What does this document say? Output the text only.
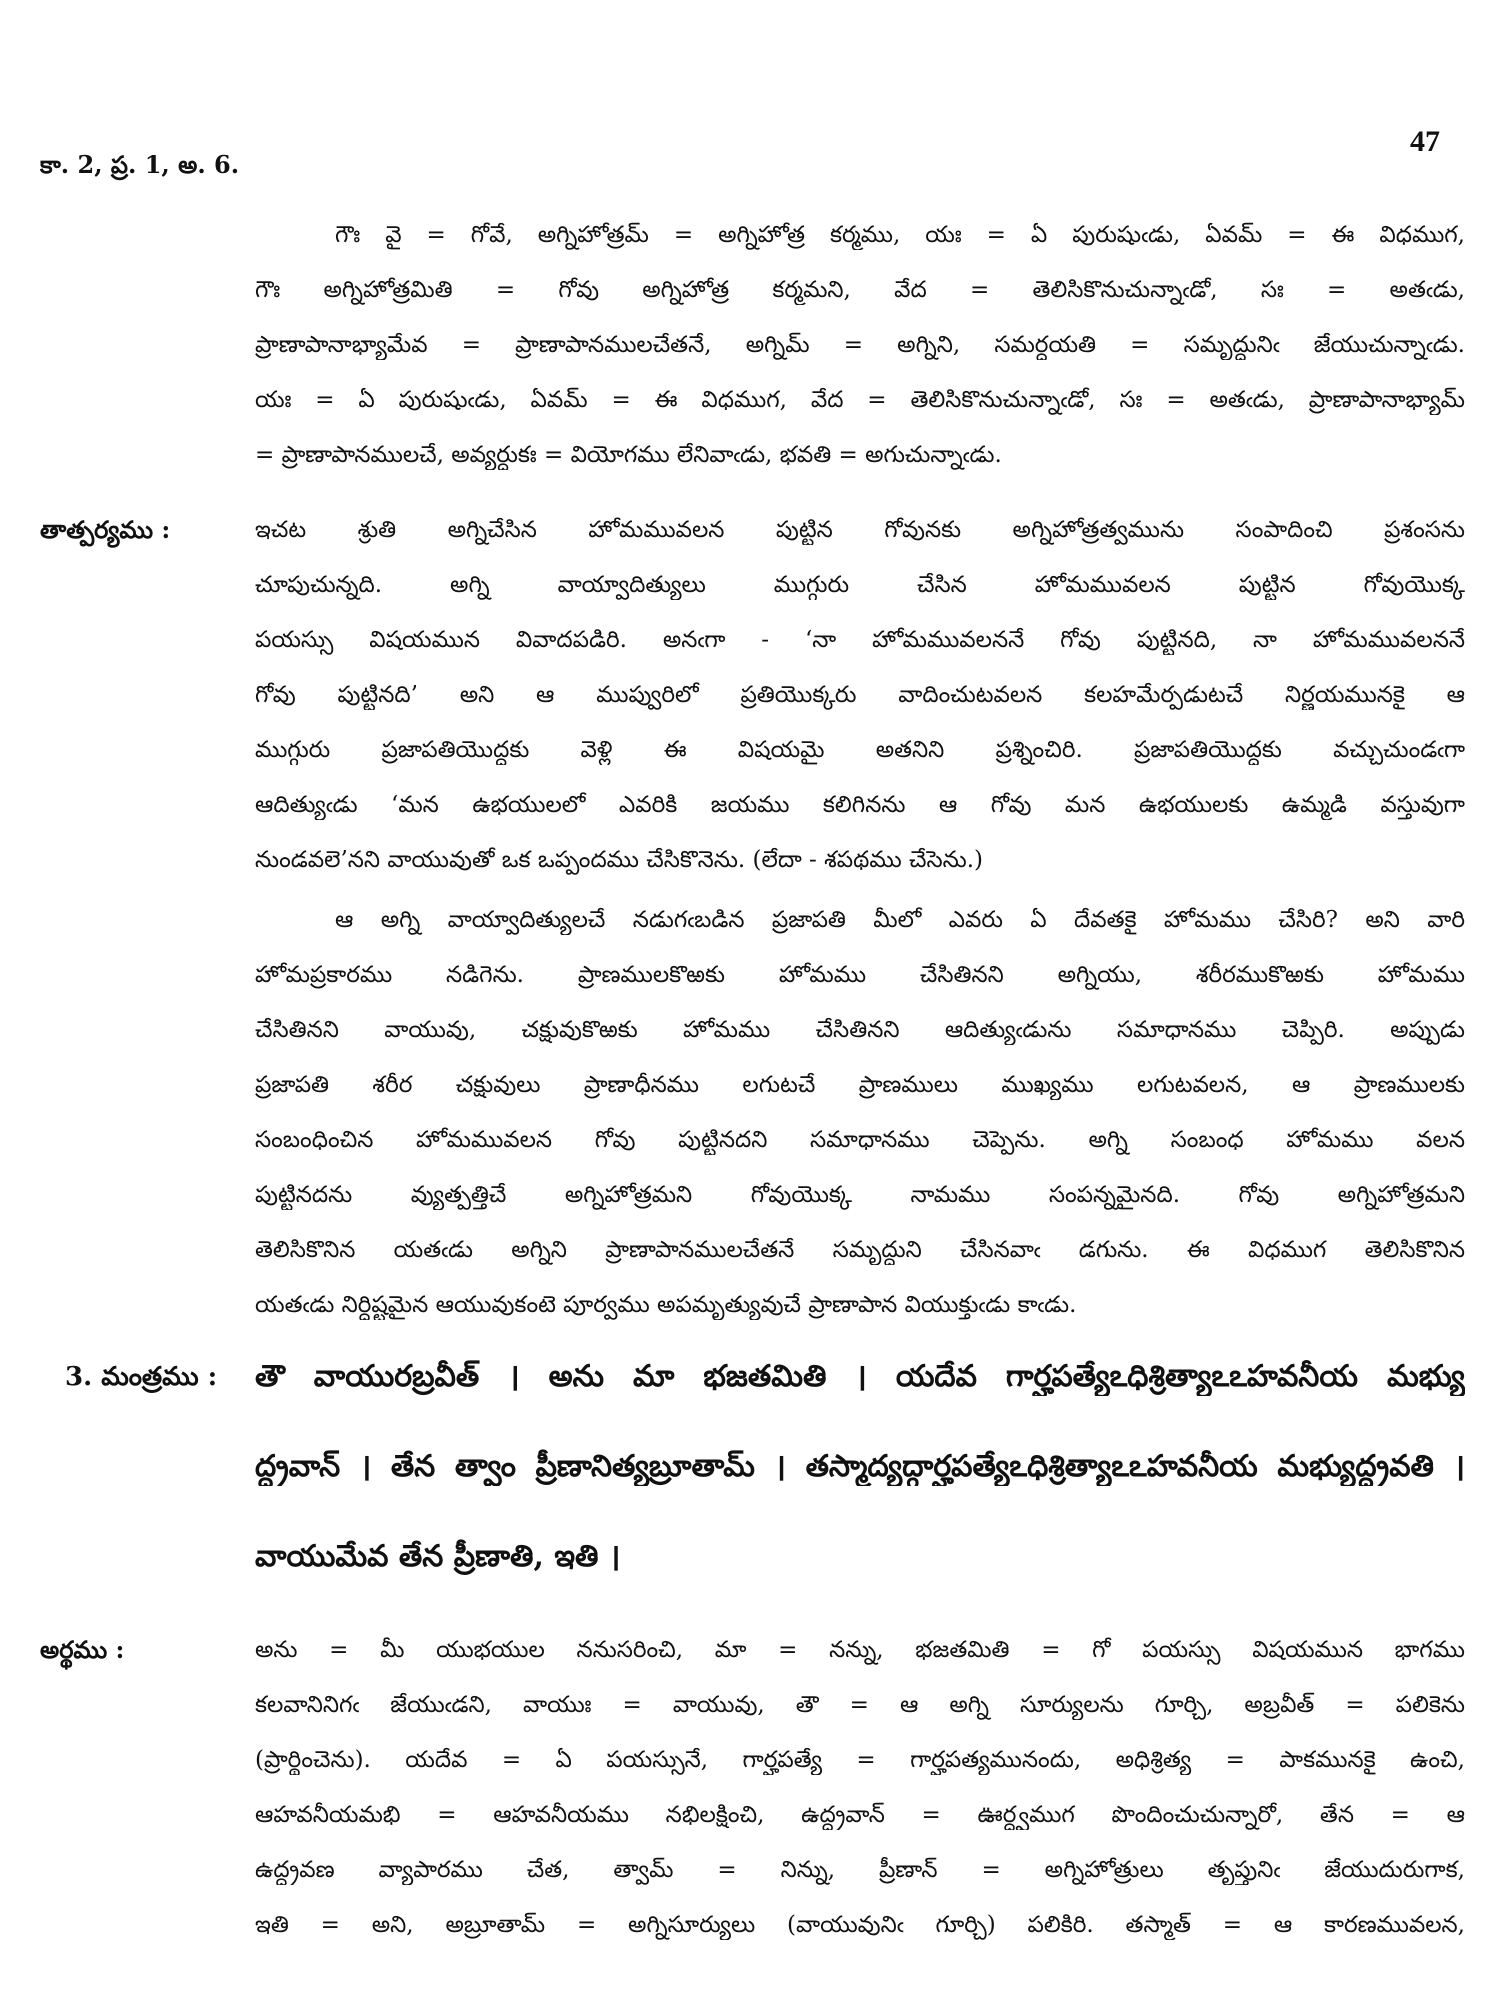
47
కా. 2, ప్ర. 1, అ. 6.
గౌః వై = గోవే, అగ్నిహోత్రమ్ = అగ్నిహోత్ర కర్మము, యః = ఏ పురుషుఁడు, ఏవమ్ = ఈ విధముగ,
గౌః అగ్నిహోత్రమితి = గోవు అగ్నిహోత్ర కర్మమని, వేద = తెలిసికొనుచున్నాఁడో, సః = అతఁడు,
ప్రాణాపానాభ్యామేవ = ప్రాణాపానములచేతనే, అగ్నిమ్ = అగ్నిని, సమర్ధయతి = సమృద్ధునిఁ జేయుచున్నాఁడు.
యః = ఏ పురుషుఁడు, ఏవమ్ = ఈ విధముగ, వేద = తెలిసికొనుచున్నాఁడో, సః = అతఁడు, ప్రాణాపానాభ్యామ్
= ప్రాణాపానములచే, అవ్యర్ధుకః = వియోగము లేనివాఁడు, భవతి = అగుచున్నాఁడు.
తాత్పర్యము :	ఇచట శ్రుతి అగ్నిచేసిన హోమమువలన పుట్టిన గోవునకు అగ్నిహోత్రత్వమును సంపాదించి ప్రశంసను
చూపుచున్నది. అగ్ని వాయ్వాదిత్యులు ముగ్గురు చేసిన హోమమువలన పుట్టిన గోవుయొక్క
పయస్సు విషయమున వివాదపడిరి. అనఁగా - ‘నా హోమమువలననే గోవు పుట్టినది, నా హోమమువలననే
గోవు పుట్టినది’ అని ఆ ముప్వురిలో ప్రతియొక్కరు వాదించుటవలన కలహమేర్పడుటచే నిర్ణయమునకై ఆ
ముగ్గురు ప్రజాపతియొద్దకు వెళ్లి ఈ విషయమై అతనిని ప్రశ్నించిరి. ప్రజాపతియొద్దకు వచ్చుచుండఁగా
ఆదిత్యుఁడు ‘మన ఉభయులలో ఎవరికి జయము కలిగినను ఆ గోవు మన ఉభయులకు ఉమ్మడి వస్తువుగా
నుండవలె’నని వాయువుతో ఒక ఒప్పందము చేసికొనెను. (లేదా - శపథము చేసెను.)
ఆ అగ్ని వాయ్వాదిత్యులచే నడుగఁబడిన ప్రజాపతి మీలో ఎవరు ఏ దేవతకై హోమము చేసిరి? అని వారి
హోమప్రకారము నడిగెను. ప్రాణములకొఱకు హోమము చేసితినని అగ్నియు, శరీరముకొఱకు హోమము
చేసితినని వాయువు, చక్షువుకొఱకు హోమము చేసితినని ఆదిత్యుఁడును సమాధానము చెప్పిరి. అప్పుడు
ప్రజాపతి శరీర చక్షువులు ప్రాణాధీనము లగుటచే ప్రాణములు ముఖ్యము లగుటవలన, ఆ ప్రాణములకు
సంబంధించిన హోమమువలన గోవు పుట్టినదని సమాధానము చెప్పెను. అగ్ని సంబంధ హోమము వలన
పుట్టినదను వ్యుత్పత్తిచే అగ్నిహోత్రమని గోవుయొక్క నామము సంపన్నమైనది. గోవు అగ్నిహోత్రమని
తెలిసికొనిన యతఁడు అగ్నిని ప్రాణాపానములచేతనే సమృద్ధుని చేసినవాఁ డగును. ఈ విధముగ తెలిసికొనిన
యతఁడు నిర్దిష్టమైన ఆయువుకంటె పూర్వము అపమృత్యువుచే ప్రాణాపాన వియుక్తుఁడు కాఁడు.
3. మంత్రము : తౌ వాయురబ్రవీత్ । అను మా భజతమితి । యదేవ గార్హపత్యేఽధిశ్రిత్యాఽఽహవనీయ మభ్యు
ద్ద్రవాన్ । తేన త్వాం ప్రీణానిత్యబ్రూతామ్ । తస్మాద్యద్గార్హపత్యేఽధిశ్రిత్యాఽఽహవనీయ మభ్యుద్ద్రవతి ।
వాయుమేవ తేన ప్రీణాతి, ఇతి ।
అర్థము :	అను = మీ యుభయుల ననుసరించి, మా = నన్ను, భజతమితి = గో పయస్సు విషయమున భాగము
కలవానినిగఁ జేయుఁడని, వాయుః = వాయువు, తౌ = ఆ అగ్ని సూర్యులను గూర్చి, అబ్రవీత్ = పలికెను
(ప్రార్థించెను). యదేవ = ఏ పయస్సునే, గార్హపత్యే = గార్హపత్యమునందు, అధిశ్రిత్య = పాకమునకై ఉంచి,
ఆహవనీయమభి = ఆహవనీయము నభిలక్షించి, ఉద్ద్రవాన్ = ఊర్ధ్వముగ పొందించుచున్నారో, తేన = ఆ
ఉద్ద్రవణ వ్యాపారము చేత, త్వామ్ = నిన్ను, ప్రీణాన్ = అగ్నిహోత్రులు తృప్తునిఁ జేయుదురుగాక,
ఇతి = అని, అబ్రూతామ్ = అగ్నిసూర్యులు (వాయువునిఁ గూర్చి) పలికిరి. తస్మాత్ = ఆ కారణమువలన,
